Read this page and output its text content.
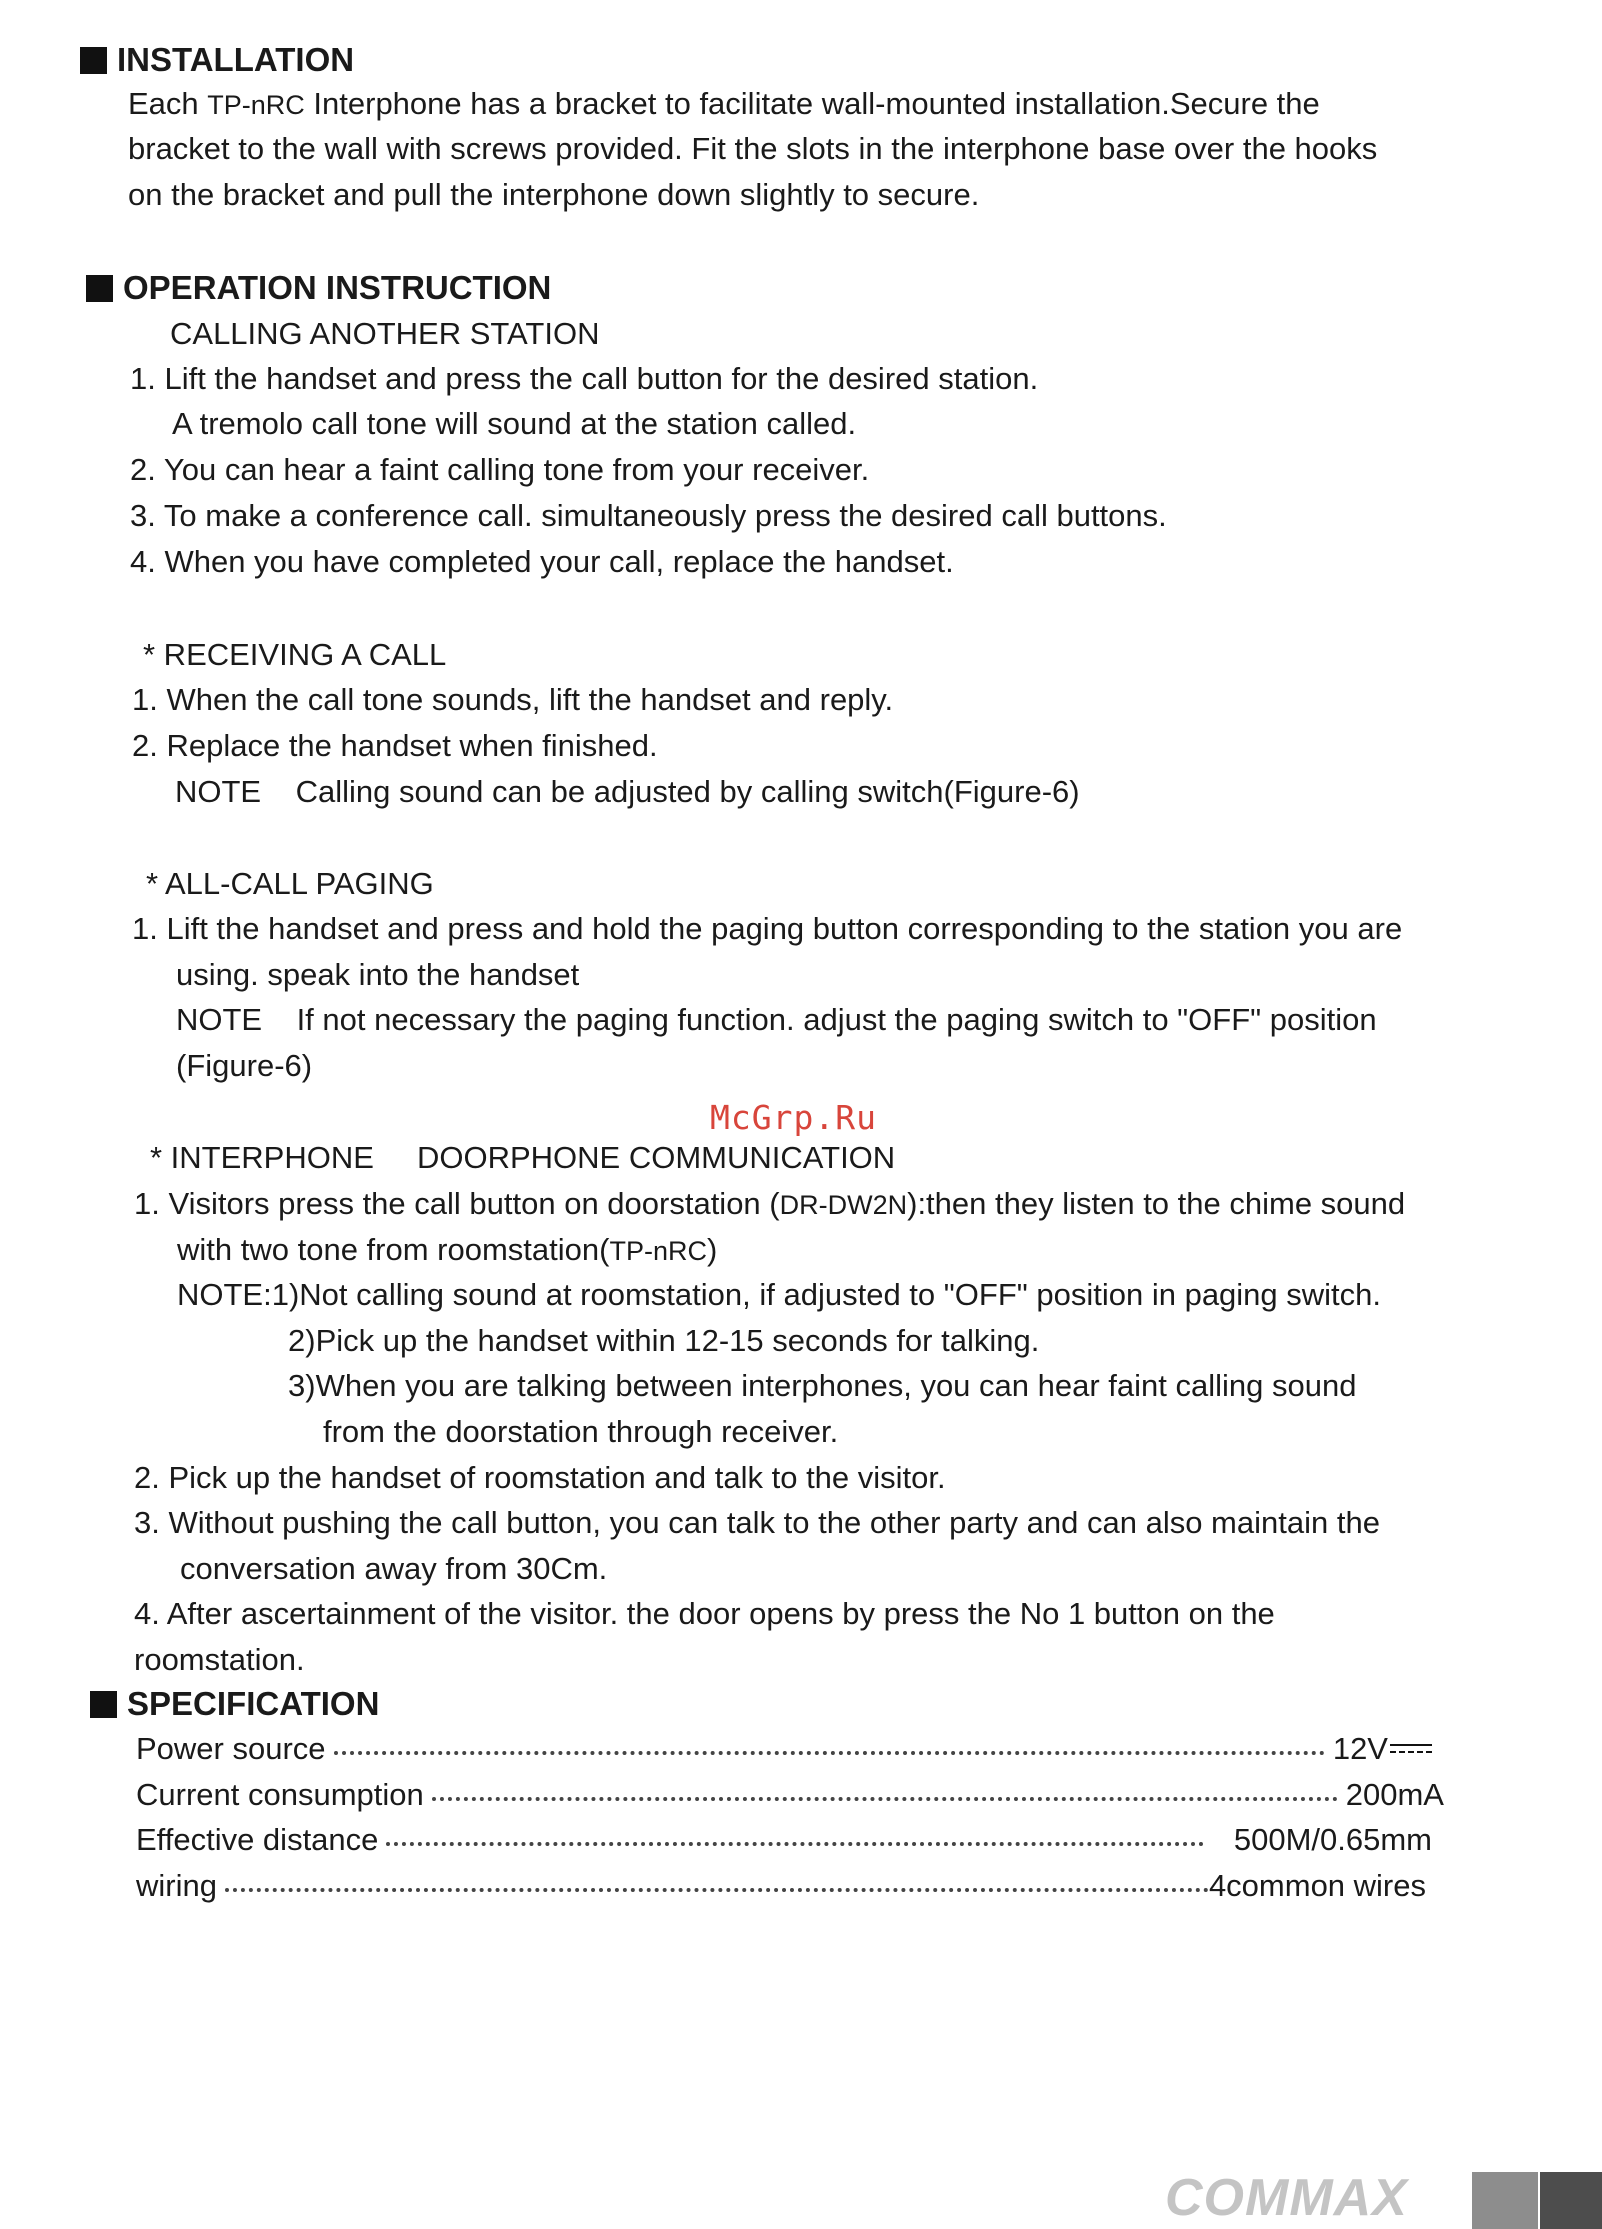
INSTALLATION
Each TP-nRC Interphone has a bracket to facilitate wall-mounted installation.Secure the
bracket to the wall with screws provided. Fit the slots in the interphone base over the hooks
on the bracket and pull the interphone down slightly to secure.
OPERATION INSTRUCTION
CALLING ANOTHER STATION
1. Lift the handset and press the call button for the desired station.
A tremolo call tone will sound at the station called.
2. You can hear a faint calling tone from your receiver.
3. To make a conference call. simultaneously press the desired call buttons.
4. When you have completed your call, replace the handset.
* RECEIVING A CALL
1. When the call tone sounds, lift the handset and reply.
2. Replace the handset when finished.
NOTE    Calling sound can be adjusted by calling switch(Figure-6)
* ALL-CALL PAGING
1. Lift the handset and press and hold the paging button corresponding to the station you are
using. speak into the handset
NOTE    If not necessary the paging function. adjust the paging switch to "OFF" position
(Figure-6)
McGrp.Ru
* INTERPHONE     DOORPHONE COMMUNICATION
1. Visitors press the call button on doorstation (DR-DW2N):then they listen to the chime sound
with two tone from roomstation(TP-nRC)
NOTE:1)Not calling sound at roomstation, if adjusted to "OFF" position in paging switch.
2)Pick up the handset within 12-15 seconds for talking.
3)When you are talking between interphones, you can hear faint calling sound
from the doorstation through receiver.
2. Pick up the handset of roomstation and talk to the visitor.
3. Without pushing the call button, you can talk to the other party and can also maintain the
conversation away from 30Cm.
4. After ascertainment of the visitor. the door opens by press the No 1 button on the
roomstation.
SPECIFICATION
Power source	12V
Current consumption	200mA
Effective distance	500M/0.65mm
wiring	4common wires
COMMAX
